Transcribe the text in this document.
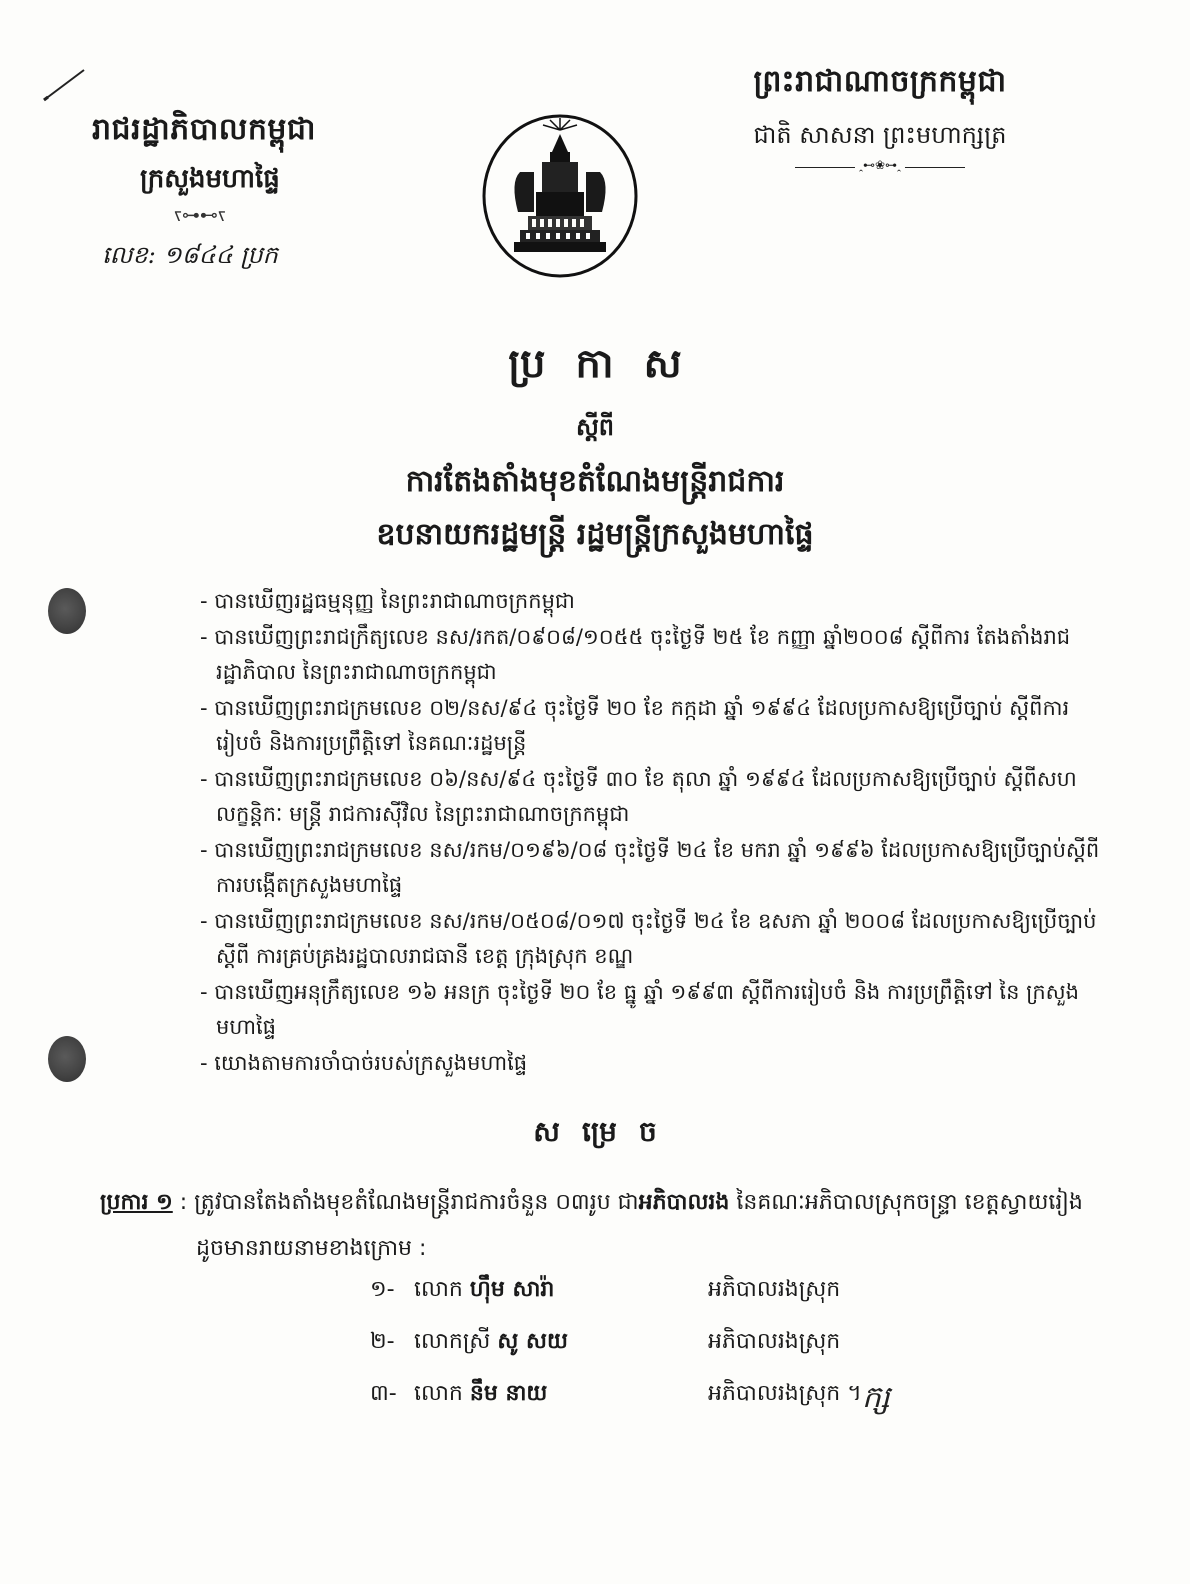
រាជរដ្ឋាភិបាលកម្ពុជា
ក្រសួងមហាផ្ទៃ
ꧏ⊶⊷ꧏ
លេខ: ១៨៤៤ ប្រក
ព្រះរាជាណាចក្រកម្ពុជា
ជាតិ សាសនា ព្រះមហាក្សត្រ
ꞈ⊷❀⊶ꞈ
ប្រកាស
ស្តីពី
ការតែងតាំងមុខតំណែងមន្ត្រីរាជការ
ឧបនាយករដ្ឋមន្ត្រី រដ្ឋមន្ត្រីក្រសួងមហាផ្ទៃ
- បានឃើញរដ្ឋធម្មនុញ្ញ នៃព្រះរាជាណាចក្រកម្ពុជា
- បានឃើញព្រះរាជក្រឹត្យលេខ នស/រកត/០៩០៨/១០៥៥ ចុះថ្ងៃទី ២៥ ខែ កញ្ញា ឆ្នាំ២០០៨ ស្តីពីការ តែងតាំងរាជរដ្ឋាភិបាល នៃព្រះរាជាណាចក្រកម្ពុជា
- បានឃើញព្រះរាជក្រមលេខ ០២/នស/៩៤ ចុះថ្ងៃទី ២០ ខែ កក្កដា ឆ្នាំ ១៩៩៤ ដែលប្រកាសឱ្យប្រើច្បាប់ ស្តីពីការរៀបចំ និងការប្រព្រឹត្តិទៅ នៃគណៈរដ្ឋមន្ត្រី
- បានឃើញព្រះរាជក្រមលេខ ០៦/នស/៩៤ ចុះថ្ងៃទី ៣០ ខែ តុលា ឆ្នាំ ១៩៩៤ ដែលប្រកាសឱ្យប្រើច្បាប់ ស្តីពីសហលក្ខន្តិកៈ មន្ត្រី រាជការស៊ីវិល នៃព្រះរាជាណាចក្រកម្ពុជា
- បានឃើញព្រះរាជក្រមលេខ នស/រកម/០១៩៦/០៨ ចុះថ្ងៃទី ២៤ ខែ មករា ឆ្នាំ ១៩៩៦ ដែលប្រកាសឱ្យប្រើច្បាប់ស្តីពី ការបង្កើតក្រសួងមហាផ្ទៃ
- បានឃើញព្រះរាជក្រមលេខ នស/រកម/០៥០៨/០១៧ ចុះថ្ងៃទី ២៤ ខែ ឧសភា ឆ្នាំ ២០០៨ ដែលប្រកាសឱ្យប្រើច្បាប់ស្តីពី ការគ្រប់គ្រងរដ្ឋបាលរាជធានី ខេត្ត ក្រុងស្រុក ខណ្ឌ
- បានឃើញអនុក្រឹត្យលេខ ១៦ អនក្រ ចុះថ្ងៃទី ២០ ខែ ធ្នូ ឆ្នាំ ១៩៩៣ ស្តីពីការរៀបចំ និង ការប្រព្រឹត្តិទៅ នៃ ក្រសួងមហាផ្ទៃ
- យោងតាមការចាំបាច់របស់ក្រសួងមហាផ្ទៃ
សម្រេច
ប្រការ ១ : ត្រូវបានតែងតាំងមុខតំណែងមន្ត្រីរាជការចំនួន ០៣រូប ជាអភិបាលរង នៃគណៈអភិបាលស្រុកចន្ទ្រា ខេត្តស្វាយរៀង
ដូចមានរាយនាមខាងក្រោម :
១- លោក ហ៊ឹម សារ៉ា	អភិបាលរងស្រុក
២- លោកស្រី សូ សយ	អភិបាលរងស្រុក
៣- លោក នឹម នាយ	អភិបាលរងស្រុក ។ ក្ស
